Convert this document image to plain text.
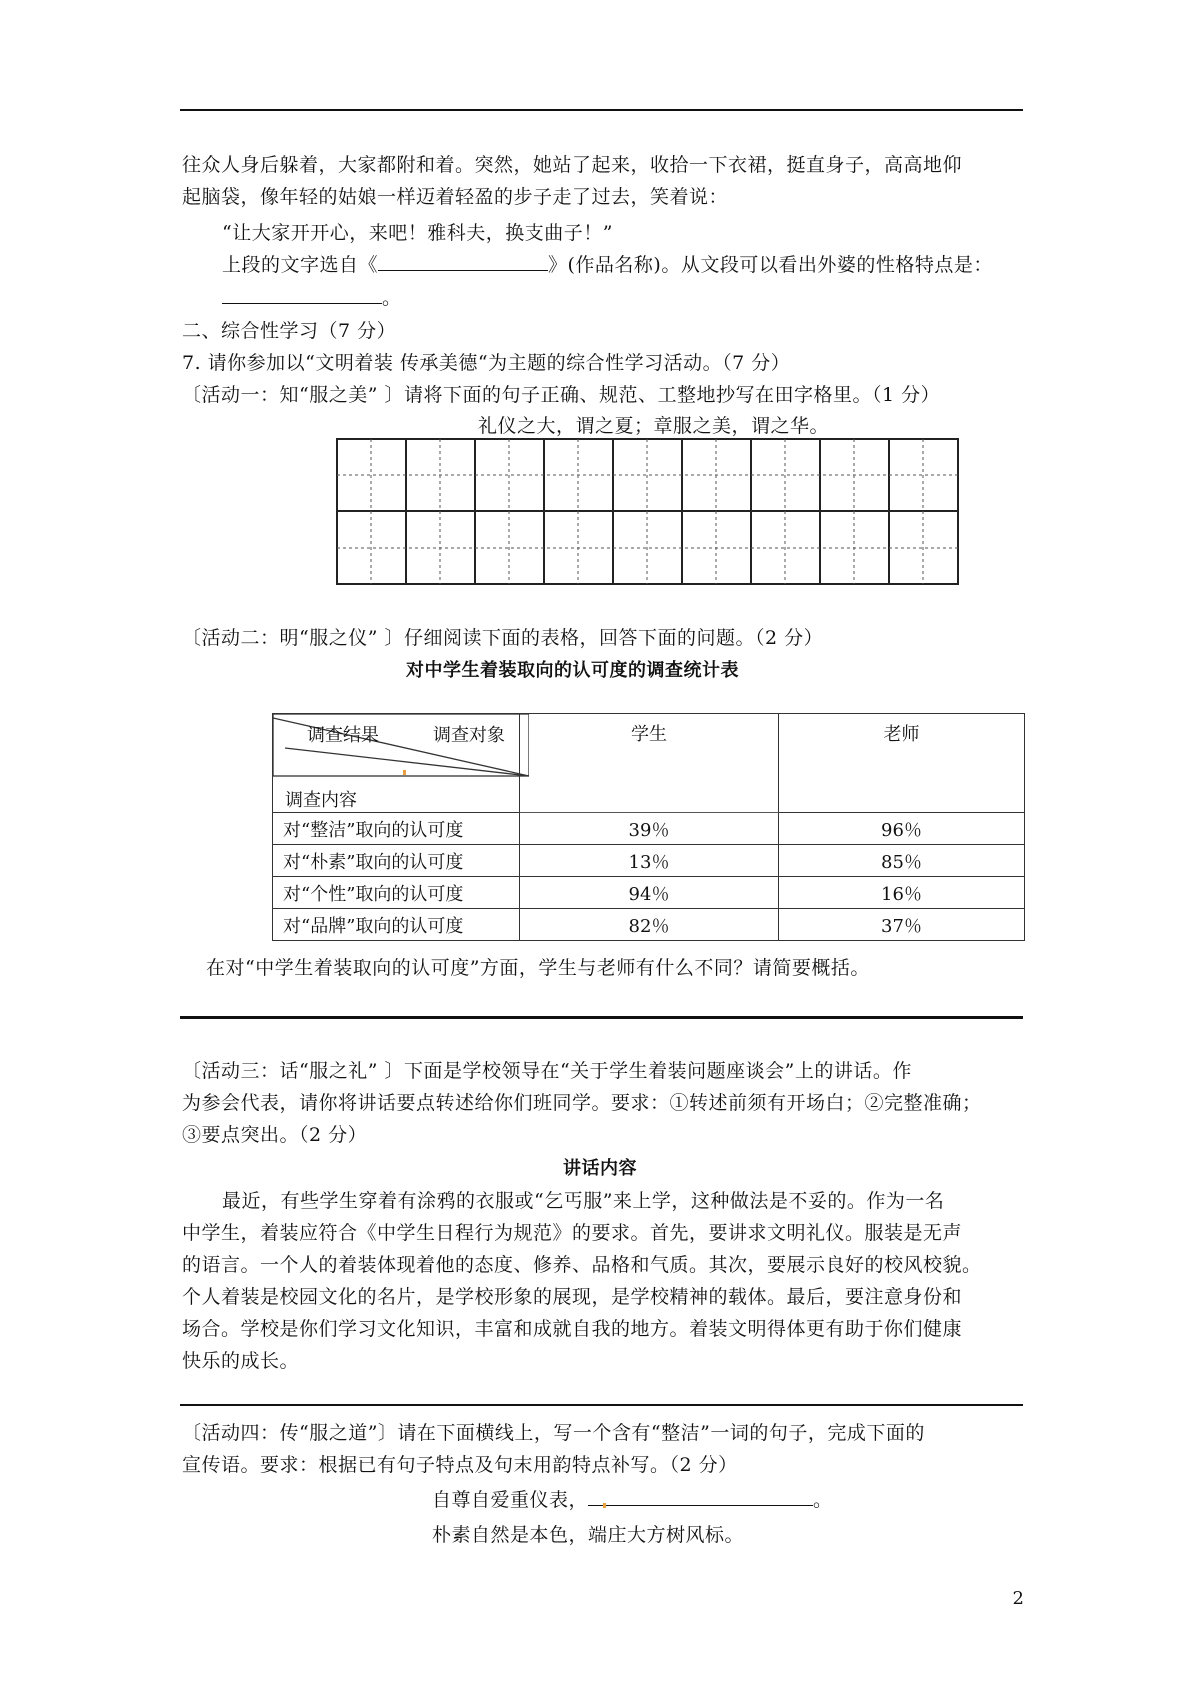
往众人身后躲着，大家都附和着。突然，她站了起来，收拾一下衣裙，挺直身子，高高地仰
起脑袋，像年轻的姑娘一样迈着轻盈的步子走了过去，笑着说：
“让大家开开心，来吧！雅科夫，换支曲子！”
上段的文字选自《	》(作品名称)。从文段可以看出外婆的性格特点是：
。
二、综合性学习（7 分）
7. 请你参加以“文明着装 传承美德“为主题的综合性学习活动。（7 分）
〔活动一：知“服之美” 〕请将下面的句子正确、规范、工整地抄写在田字格里。（1 分）
礼仪之大，谓之夏；章服之美，谓之华。
〔活动二：明“服之仪” 〕仔细阅读下面的表格，回答下面的问题。（2 分）
对中学生着装取向的认可度的调查统计表
调查结果 调查对象
调查内容	学生	老师
对“整洁”取向的认可度	39％	96％
对“朴素”取向的认可度	13％	85％
对“个性”取向的认可度	94％	16％
对“品牌”取向的认可度	82％	37％
在对“中学生着装取向的认可度”方面，学生与老师有什么不同？请简要概括。
〔活动三：话“服之礼” 〕下面是学校领导在“关于学生着装问题座谈会”上的讲话。作
为参会代表，请你将讲话要点转述给你们班同学。要求：①转述前须有开场白；②完整准确；
③要点突出。（2 分）
讲话内容
最近，有些学生穿着有涂鸦的衣服或“乞丐服”来上学，这种做法是不妥的。作为一名
中学生，着装应符合《中学生日程行为规范》的要求。首先，要讲求文明礼仪。服装是无声
的语言。一个人的着装体现着他的态度、修养、品格和气质。其次，要展示良好的校风校貌。
个人着装是校园文化的名片，是学校形象的展现，是学校精神的载体。最后，要注意身份和
场合。学校是你们学习文化知识，丰富和成就自我的地方。着装文明得体更有助于你们健康
快乐的成长。
〔活动四：传“服之道”〕请在下面横线上，写一个含有“整洁”一词的句子，完成下面的
宣传语。要求：根据已有句子特点及句末用韵特点补写。（2 分）
自尊自爱重仪表，	。
朴素自然是本色，端庄大方树风标。
2
